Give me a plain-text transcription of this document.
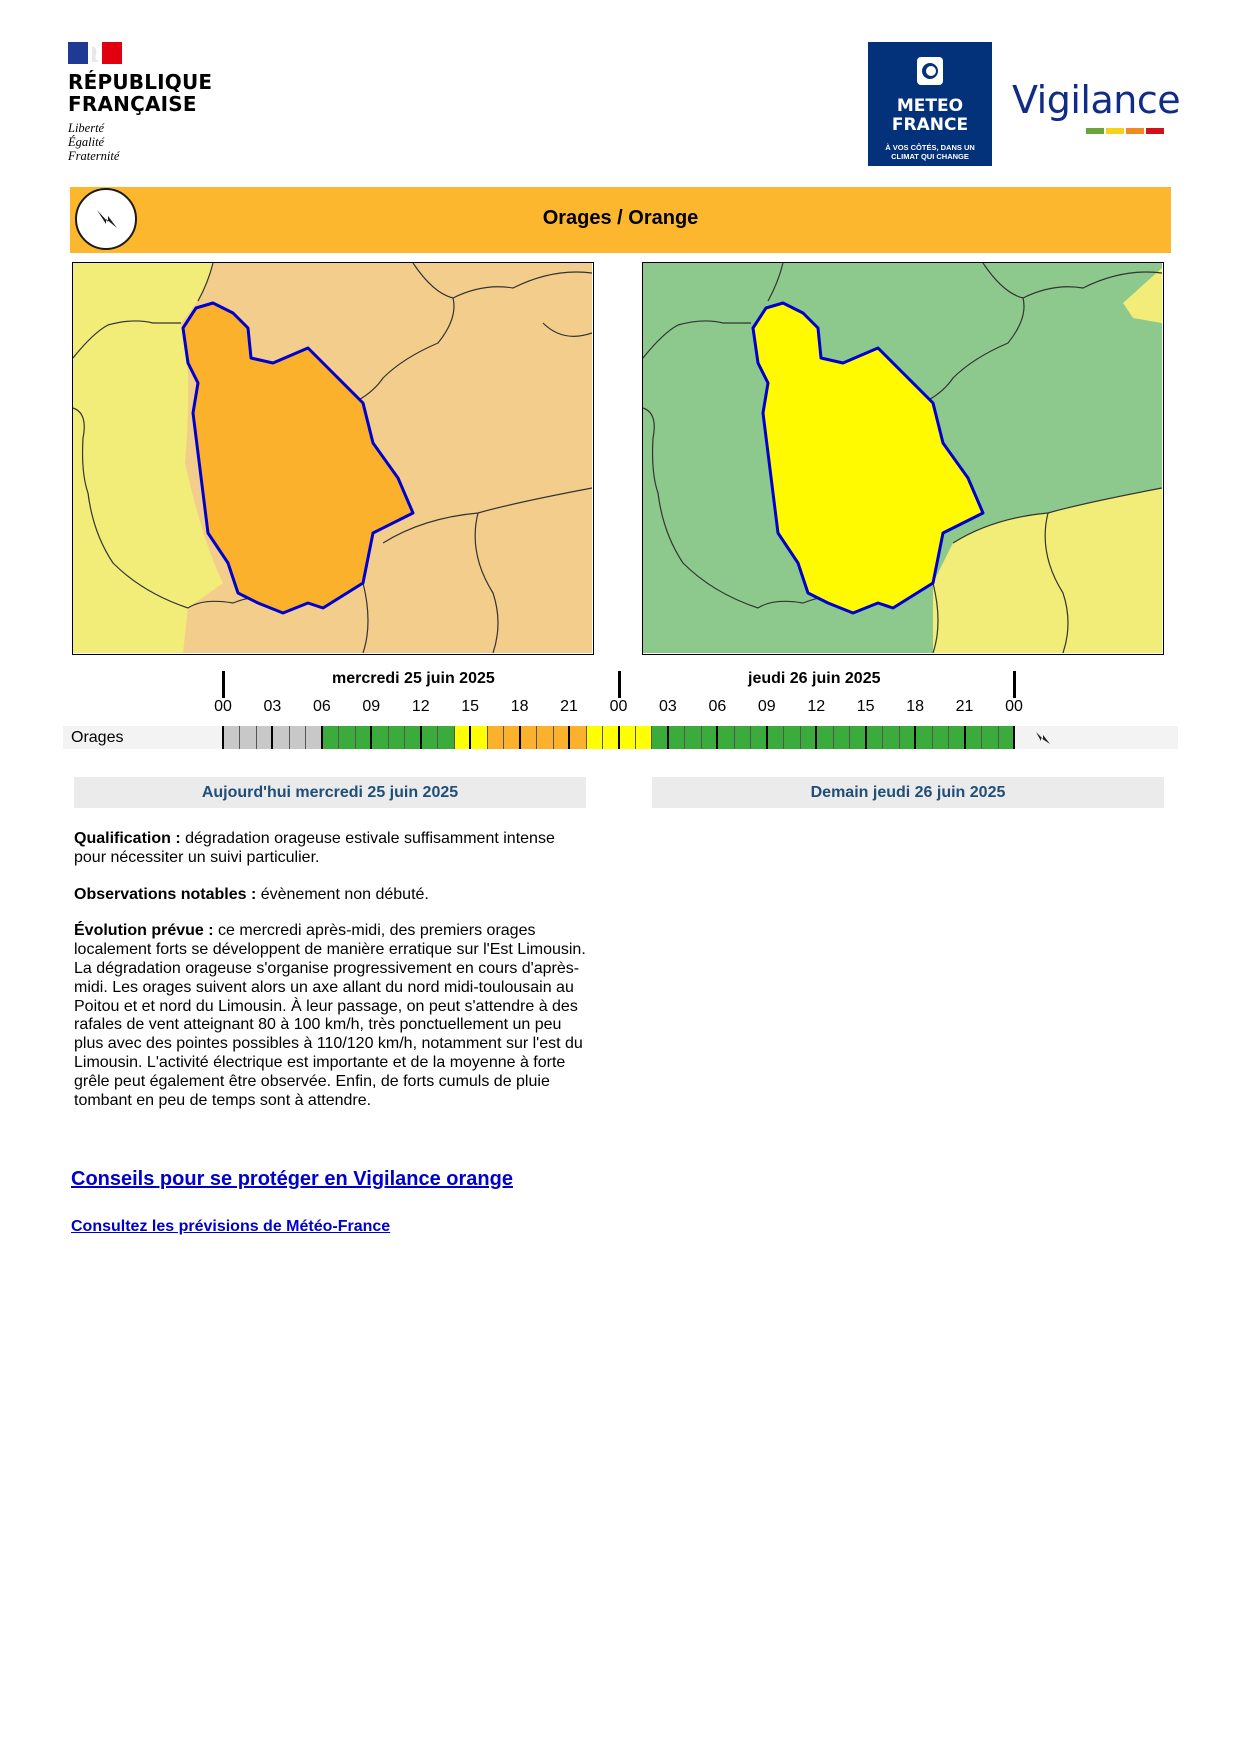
RÉPUBLIQUE
FRANÇAISE
Liberté
Égalité
Fraternité
METEO
FRANCE
À VOS CÔTÉS, DANS UN CLIMAT QUI CHANGE
Vigilance
Orages / Orange
mercredi 25 juin 2025	jeudi 26 juin 2025
00	03	06	09	12	15	18	21	00	03	06	09	12	15	18	21	00
Orages
Aujourd'hui mercredi 25 juin 2025	Demain jeudi 26 juin 2025

Qualification : dégradation orageuse estivale suffisamment intense pour nécessiter un suivi particulier.

Observations notables : évènement non débuté.

Évolution prévue : ce mercredi après-midi, des premiers orages localement forts se développent de manière erratique sur l'Est Limousin. La dégradation orageuse s'organise progressivement en cours d'après-midi. Les orages suivent alors un axe allant du nord midi-toulousain au Poitou et et nord du Limousin. À leur passage, on peut s'attendre à des rafales de vent atteignant 80 à 100 km/h, très ponctuellement un peu plus avec des pointes possibles à 110/120 km/h, notamment sur l'est du Limousin. L'activité électrique est importante et de la moyenne à forte grêle peut également être observée. Enfin, de forts cumuls de pluie tombant en peu de temps sont à attendre.

Conseils pour se protéger en Vigilance orange
Consultez les prévisions de Météo-France
